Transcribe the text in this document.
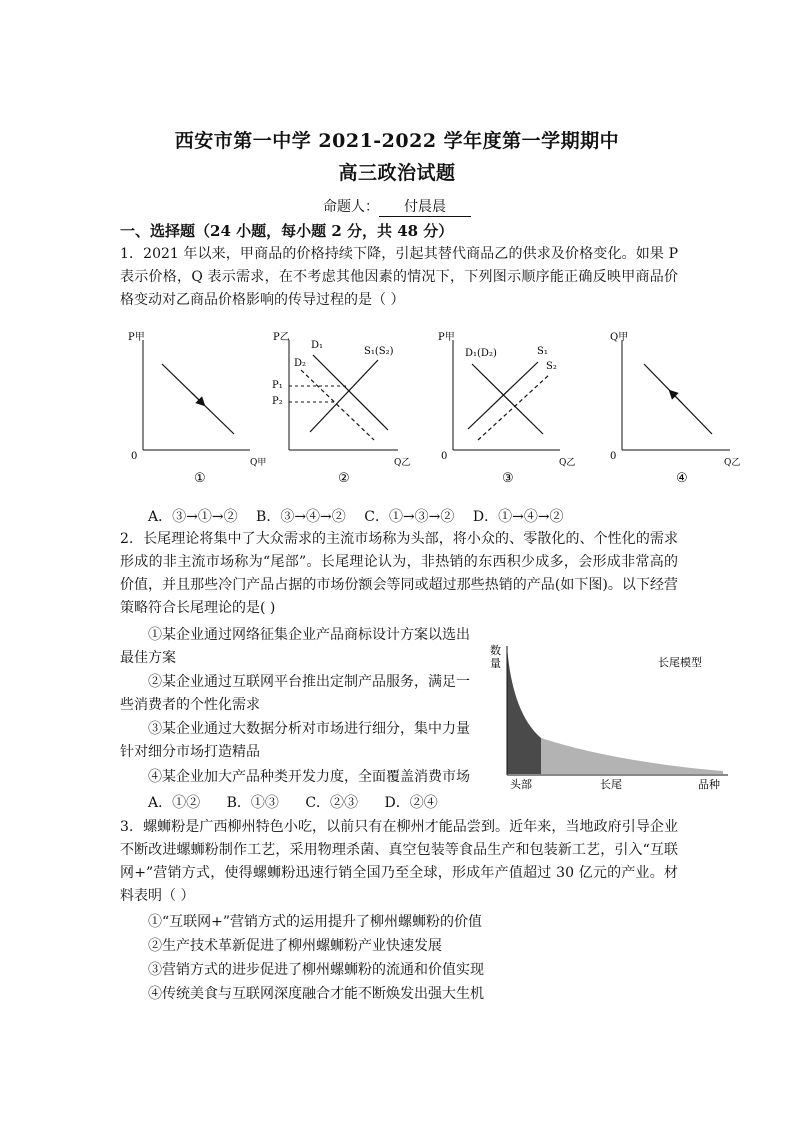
西安市第一中学 2021-2022 学年度第一学期期中
高三政治试题
命题人： 付晨晨
一、选择题（24 小题，每小题 2 分，共 48 分）
1．2021 年以来，甲商品的价格持续下降，引起其替代商品乙的供求及价格变化。如果 P 表示价格，Q 表示需求，在不考虑其他因素的情况下，下列图示顺序能正确反映甲商品价格变动对乙商品价格影响的传导过程的是（ ）
P甲
0
Q甲
①
P乙
Q乙
D₁
D₂
S₁(S₂)
P₁
P₂
②
P甲
0
Q乙
D₁(D₂)	S₁
S₂
③
Q甲
0
Q乙
④
A．③→①→② B．③→④→② C．①→③→② D．①→④→②
2．长尾理论将集中了大众需求的主流市场称为头部，将小众的、零散化的、个性化的需求形成的非主流市场称为“尾部”。长尾理论认为，非热销的东西积少成多，会形成非常高的价值，并且那些冷门产品占据的市场份额会等同或超过那些热销的产品(如下图)。以下经营策略符合长尾理论的是( )
①某企业通过网络征集企业产品商标设计方案以选出
最佳方案
②某企业通过互联网平台推出定制产品服务，满足一
些消费者的个性化需求
③某企业通过大数据分析对市场进行细分，集中力量
针对细分市场打造精品
④某企业加大产品种类开发力度，全面覆盖消费市场
A．①② B．①③ C．②③ D．②④
数
量	长尾模型
头部	长尾	品种
3．螺蛳粉是广西柳州特色小吃，以前只有在柳州才能品尝到。近年来，当地政府引导企业不断改进螺蛳粉制作工艺，采用物理杀菌、真空包装等食品生产和包装新工艺，引入“互联网+”营销方式，使得螺蛳粉迅速行销全国乃至全球，形成年产值超过 30 亿元的产业。材料表明（ ）
①“互联网+”营销方式的运用提升了柳州螺蛳粉的价值
②生产技术革新促进了柳州螺蛳粉产业快速发展
③营销方式的进步促进了柳州螺蛳粉的流通和价值实现
④传统美食与互联网深度融合才能不断焕发出强大生机
